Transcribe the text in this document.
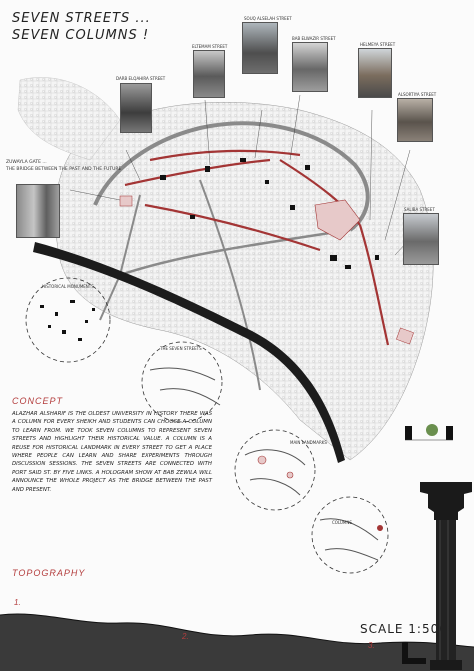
SEVEN STREETS ...
SEVEN COLUMNS !
DARB ELQAHIRA STREET
ELTEMAM STREET
SOUQ ALSELAH STREET
BAB ELWAZIR STREET
HELMEYA STREET
ALSORTIYA STREET
SALIBA STREET
ZUWAYLA GATE ...
THE BRIDGE BETWEEN THE PAST AND THE FUTURE
HISTORICAL MONUMENTS
THE SEVEN STREETS
MAIN LANDMARKS
COLUMNS
CONCEPT
ALAZHAR ALSHARIF IS THE OLDEST UNIVERSITY IN HISTORY THERE WAS A COLUMN FOR EVERY SHEIKH AND STUDENTS CAN CHOOSE A COLUMN TO LEARN FROM. WE TOOK SEVEN COLUMNS TO REPRESENT SEVEN STREETS AND HIGHLIGHT THEIR HISTORICAL VALUE. A COLUMN IS A REUSE FOR HISTORICAL LANDMARK IN EVERY STREET TO GET A PLACE WHERE PEOPLE CAN LEARN AND SHARE EXPERIMENTS THROUGH DISCUSSION SESSIONS. THE SEVEN STREETS ARE CONNECTED WITH PORT SAID ST. BY FIVE LINKS. A HOLOGRAM SHOW AT BAB ZEWILA WILL ANNOUNCE THE WHOLE PROJECT AS THE BRIDGE BETWEEN THE PAST AND PRESENT.
TOPOGRAPHY
1.
2.
3.
SCALE 1:5000
